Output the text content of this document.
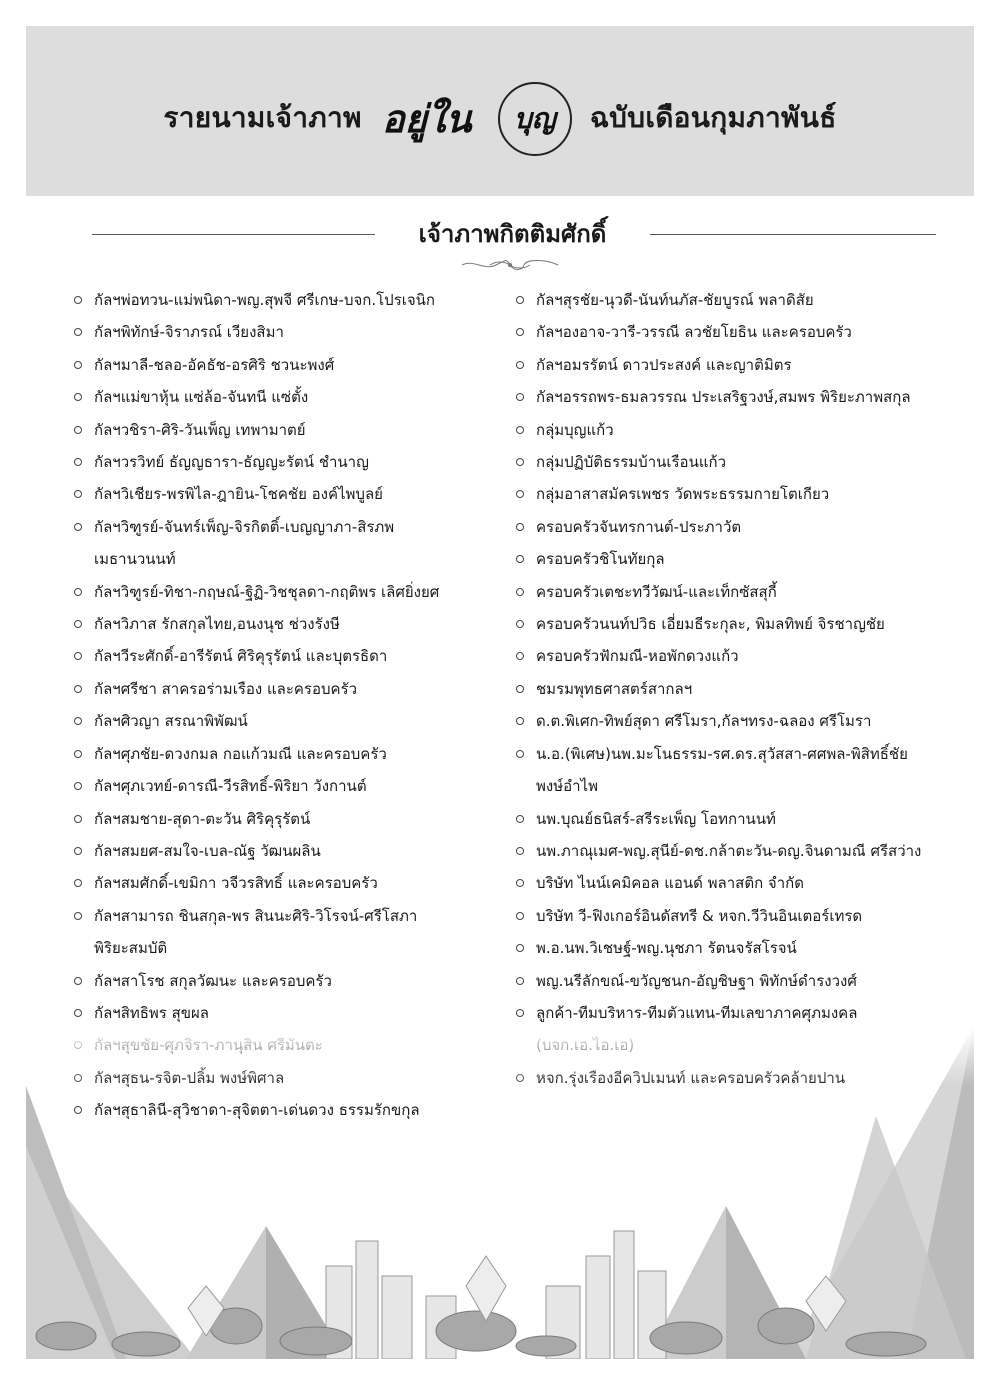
รายนามเจ้าภาพ อยู่ใน บุญ ฉบับเดือนกุมภาพันธ์
เจ้าภาพกิตติมศักดิ์
กัลฯพ่อทวน-แม่พนิดา-พญ.สุพจี ศรีเกษ-บจก.โปรเจนิก
กัลฯพิทักษ์-จิราภรณ์ เวียงสิมา
กัลฯมาลี-ชลอ-อัคธัช-อรศิริ ชวนะพงศ์
กัลฯแม่ขาหุ้น แซ่ล้อ-จันทนี แซ่ตั้ง
กัลฯวชิรา-ศิริ-วันเพ็ญ เทพามาตย์
กัลฯวรวิทย์ ธัญญธารา-ธัญญะรัตน์ ชำนาญ
กัลฯวิเชียร-พรพิไล-ฎายิน-โชคชัย องค์ไพบูลย์
กัลฯวิฑูรย์-จันทร์เพ็ญ-จิรกิตติ์-เบญญาภา-สิรภพ
เมธานวนนท์
กัลฯวิฑูรย์-ทิชา-กฤษณ์-ฐิฏิ-วิชชุลดา-กฤติพร เลิศยิ่งยศ
กัลฯวิภาส รักสกุลไทย,อนงนุช ช่วงรังษี
กัลฯวีระศักดิ์-อารีรัตน์ ศิริคุรุรัตน์ และบุตรธิดา
กัลฯศรีชา สาครอร่ามเรือง และครอบครัว
กัลฯศิวญา สรณาพิพัฒน์
กัลฯศุภชัย-ดวงกมล กอแก้วมณี และครอบครัว
กัลฯศุภเวทย์-ดารณี-วีรสิทธิ์-พิริยา วังกานต์
กัลฯสมชาย-สุดา-ตะวัน ศิริคุรุรัตน์
กัลฯสมยศ-สมใจ-เบล-ณัฐ วัฒนผลิน
กัลฯสมศักดิ์-เขมิกา วจีวรสิทธิ์ และครอบครัว
กัลฯสามารถ ชินสกุล-พร สินนะศิริ-วิโรจน์-ศรีโสภา
พิริยะสมบัติ
กัลฯสาโรช สกุลวัฒนะ และครอบครัว
กัลฯสิทธิพร สุขผล
กัลฯสุธาลินี-สุวิชาดา-สุจิตตา-เด่นดวง ธรรมรักขกุล
กัลฯสุรชัย-นุวดี-นันท์นภัส-ชัยบูรณ์ พลาดิสัย
กัลฯองอาจ-วารี-วรรณี ลวชัยโยธิน และครอบครัว
กัลฯอมรรัตน์ ดาวประสงค์ และญาติมิตร
กัลฯอรรถพร-ธมลวรรณ ประเสริฐวงษ์,สมพร พิริยะภาพสกุล
กลุ่มบุญแก้ว
กลุ่มปฏิบัติธรรมบ้านเรือนแก้ว
กลุ่มอาสาสมัครเพชร วัดพระธรรมกายโตเกียว
ครอบครัวจันทรกานต์-ประภาวัต
ครอบครัวชิโนทัยกุล
ครอบครัวเตชะทวีวัฒน์-และเท็กซัสสุกี้
ครอบครัวนนท์ปวิธ เอี่ยมธีระกุละ, พิมลทิพย์ จิรชาญชัย
ครอบครัวฟักมณี-หอพักดวงแก้ว
ชมรมพุทธศาสตร์สากลฯ
ด.ต.พิเศก-ทิพย์สุดา ศรีโมรา,กัลฯทรง-ฉลอง ศรีโมรา
น.อ.(พิเศษ)นพ.มะโนธรรม-รศ.ดร.สุวัสสา-ศศพล-พิสิทธิ์ชัย
พงษ์อำไพ
นพ.บุณย์ธนิสร์-สรีระเพ็ญ โอทกานนท์
นพ.ภาณุเมศ-พญ.สุนีย์-ดช.กล้าตะวัน-ดญ.จินดามณี ศรีสว่าง
บริษัท ไนน์เคมิคอล แอนด์ พลาสติก จำกัด
บริษัท วี-ฟิงเกอร์อินดัสทรี & หจก.วีวินอินเตอร์เทรด
พ.อ.นพ.วิเชษฐ์-พญ.นุชภา รัตนจรัสโรจน์
พญ.นรีลักขณ์-ขวัญชนก-อัญชิษฐา พิทักษ์ดำรงวงศ์
ลูกค้า-ทีมบริหาร-ทีมตัวแทน-ทีมเลขาภาคศุภมงคล
